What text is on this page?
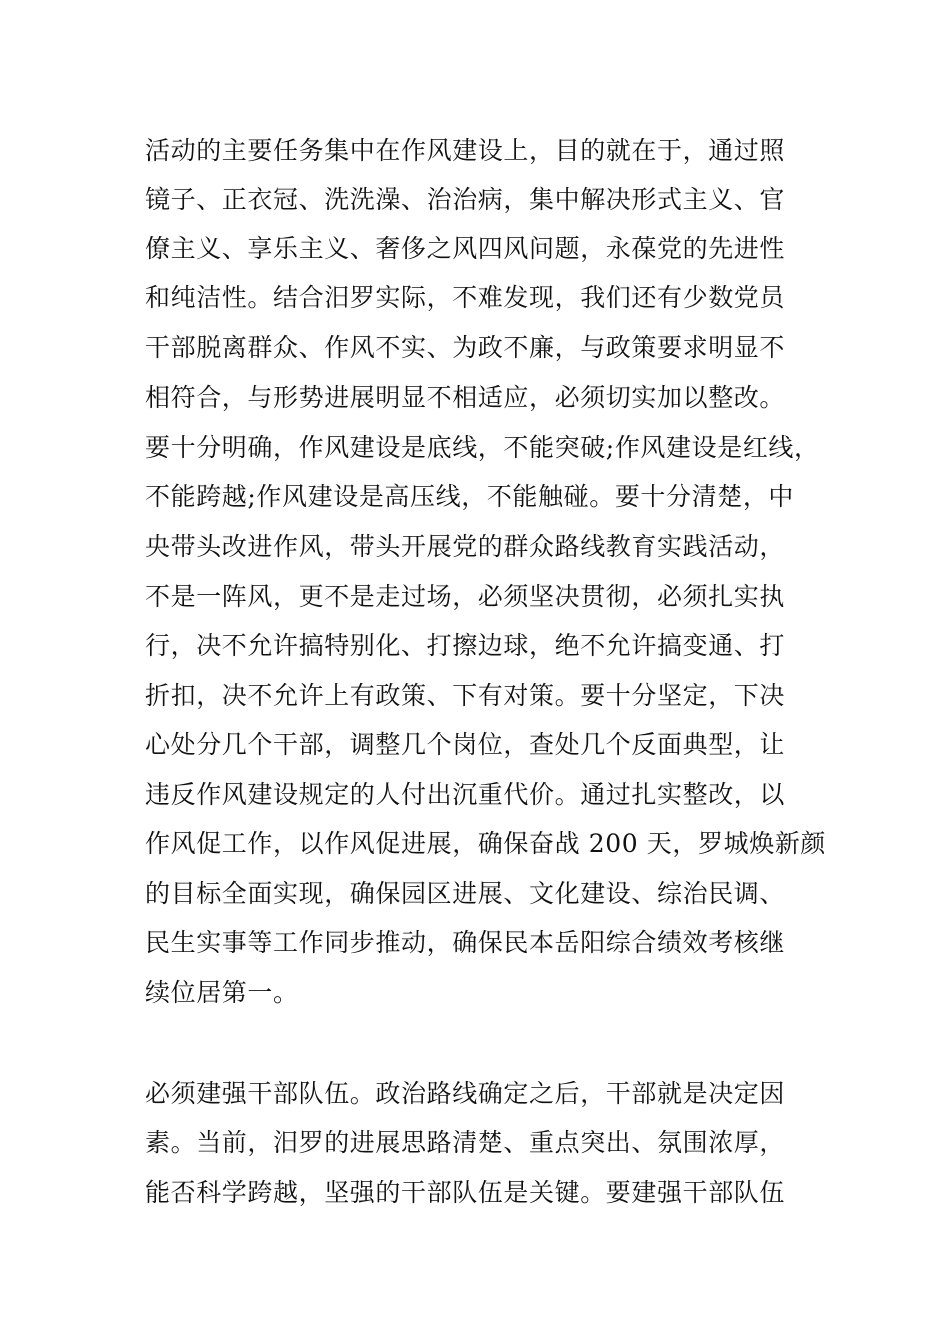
活动的主要任务集中在作风建设上，目的就在于，通过照
镜子、正衣冠、洗洗澡、治治病，集中解决形式主义、官
僚主义、享乐主义、奢侈之风四风问题，永葆党的先进性
和纯洁性。结合汨罗实际，不难发现，我们还有少数党员
干部脱离群众、作风不实、为政不廉，与政策要求明显不
相符合，与形势进展明显不相适应，必须切实加以整改。
要十分明确，作风建设是底线，不能突破;作风建设是红线，
不能跨越;作风建设是高压线，不能触碰。要十分清楚，中
央带头改进作风，带头开展党的群众路线教育实践活动，
不是一阵风，更不是走过场，必须坚决贯彻，必须扎实执
行，决不允许搞特别化、打擦边球，绝不允许搞变通、打
折扣，决不允许上有政策、下有对策。要十分坚定，下决
心处分几个干部，调整几个岗位，查处几个反面典型，让
违反作风建设规定的人付出沉重代价。通过扎实整改，以
作风促工作，以作风促进展，确保奋战 200 天，罗城焕新颜
的目标全面实现，确保园区进展、文化建设、综治民调、
民生实事等工作同步推动，确保民本岳阳综合绩效考核继
续位居第一。
必须建强干部队伍。政治路线确定之后，干部就是决定因
素。当前，汨罗的进展思路清楚、重点突出、氛围浓厚，
能否科学跨越，坚强的干部队伍是关键。要建强干部队伍
